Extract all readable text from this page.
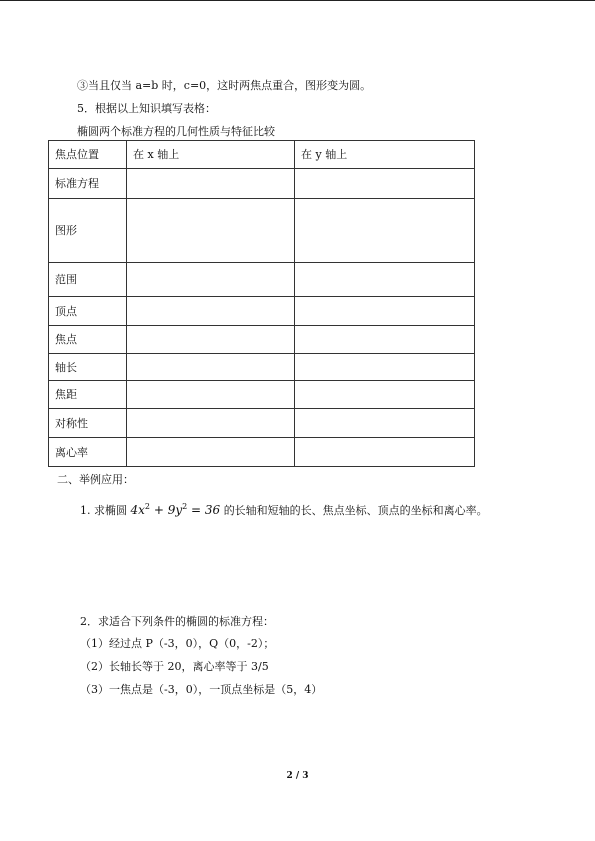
③当且仅当 a=b 时，c=0，这时两焦点重合，图形变为圆。
5．根据以上知识填写表格：
椭圆两个标准方程的几何性质与特征比较
焦点位置	在 x 轴上	在 y 轴上
标准方程		
图形		
范围		
顶点		
焦点		
轴长		
焦距		
对称性		
离心率		
二、举例应用：
1. 求椭圆 $4x^2 + 9y^2 = 36$ 的长轴和短轴的长、焦点坐标、顶点的坐标和离心率。
2．求适合下列条件的椭圆的标准方程：
（1）经过点 P（-3，0），Q（0，-2）；
（2）长轴长等于 20，离心率等于 3/5
（3）一焦点是（-3，0），一顶点坐标是（5，4）
2 / 3
